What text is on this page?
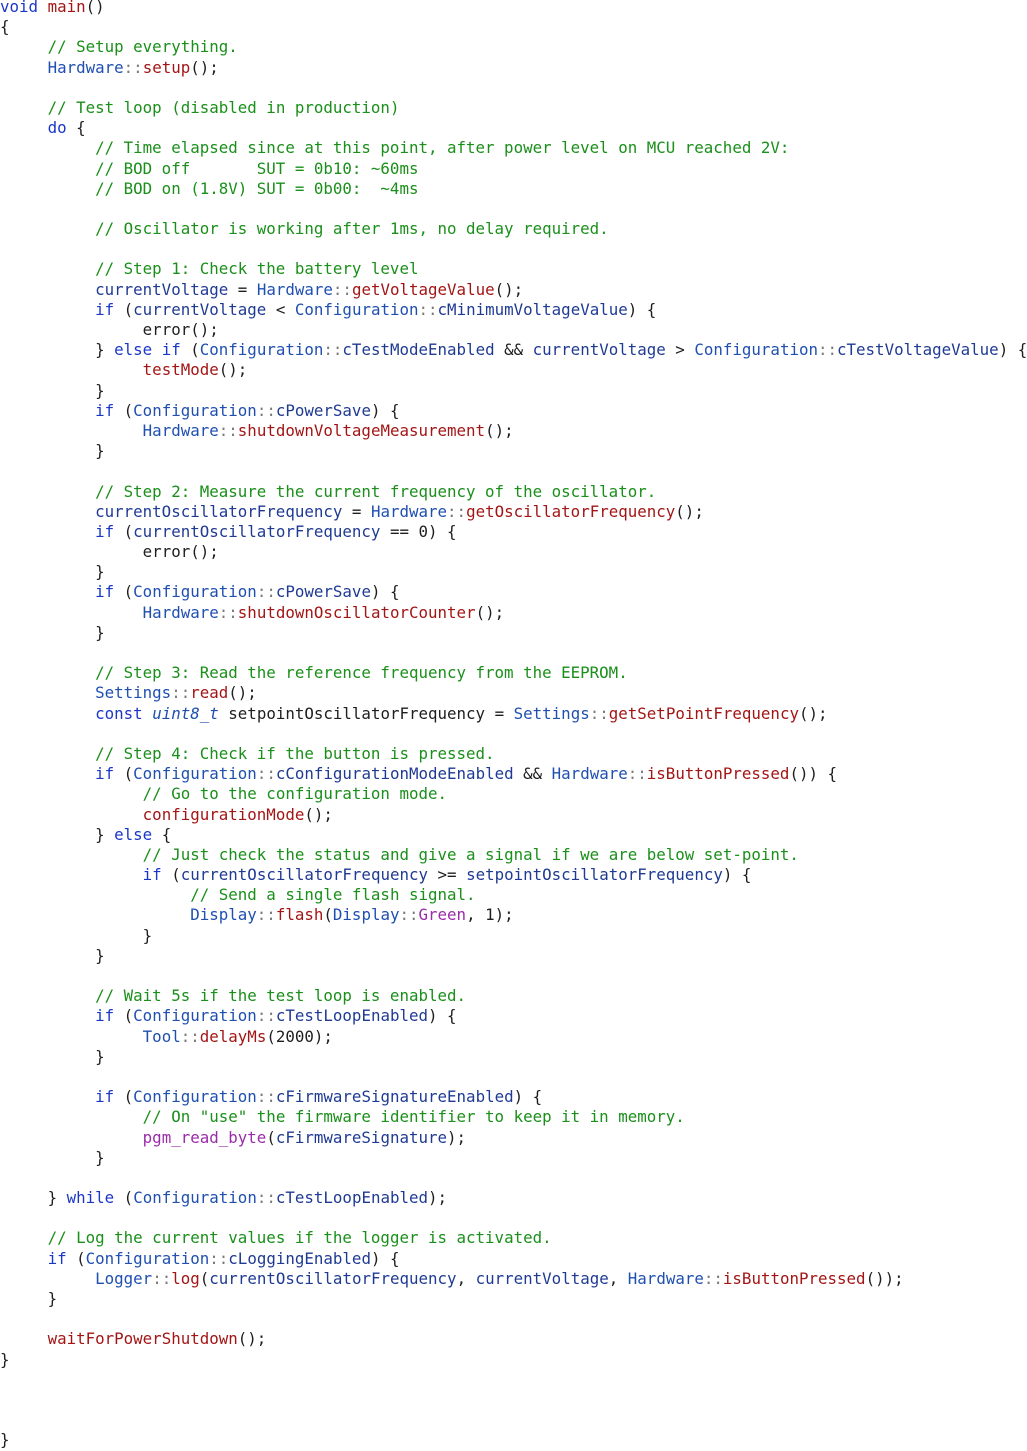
void main()
{
// Setup everything.
Hardware::setup();

// Test loop (disabled in production)
do {
// Time elapsed since at this point, after power level on MCU reached 2V:
// BOD off       SUT = 0b10: ~60ms
// BOD on (1.8V) SUT = 0b00:  ~4ms

// Oscillator is working after 1ms, no delay required.

// Step 1: Check the battery level
currentVoltage = Hardware::getVoltageValue();
if (currentVoltage < Configuration::cMinimumVoltageValue) {
error();
} else if (Configuration::cTestModeEnabled && currentVoltage > Configuration::cTestVoltageValue) {
testMode();
}
if (Configuration::cPowerSave) {
Hardware::shutdownVoltageMeasurement();
}

// Step 2: Measure the current frequency of the oscillator.
currentOscillatorFrequency = Hardware::getOscillatorFrequency();
if (currentOscillatorFrequency == 0) {
error();
}
if (Configuration::cPowerSave) {
Hardware::shutdownOscillatorCounter();
}

// Step 3: Read the reference frequency from the EEPROM.
Settings::read();
const uint8_t setpointOscillatorFrequency = Settings::getSetPointFrequency();

// Step 4: Check if the button is pressed.
if (Configuration::cConfigurationModeEnabled && Hardware::isButtonPressed()) {
// Go to the configuration mode.
configurationMode();
} else {
// Just check the status and give a signal if we are below set-point.
if (currentOscillatorFrequency >= setpointOscillatorFrequency) {
// Send a single flash signal.
Display::flash(Display::Green, 1);
}
}

// Wait 5s if the test loop is enabled.
if (Configuration::cTestLoopEnabled) {
Tool::delayMs(2000);
}

if (Configuration::cFirmwareSignatureEnabled) {
// On "use" the firmware identifier to keep it in memory.
pgm_read_byte(cFirmwareSignature);
}

} while (Configuration::cTestLoopEnabled);

// Log the current values if the logger is activated.
if (Configuration::cLoggingEnabled) {
Logger::log(currentOscillatorFrequency, currentVoltage, Hardware::isButtonPressed());
}

waitForPowerShutdown();
}

}
